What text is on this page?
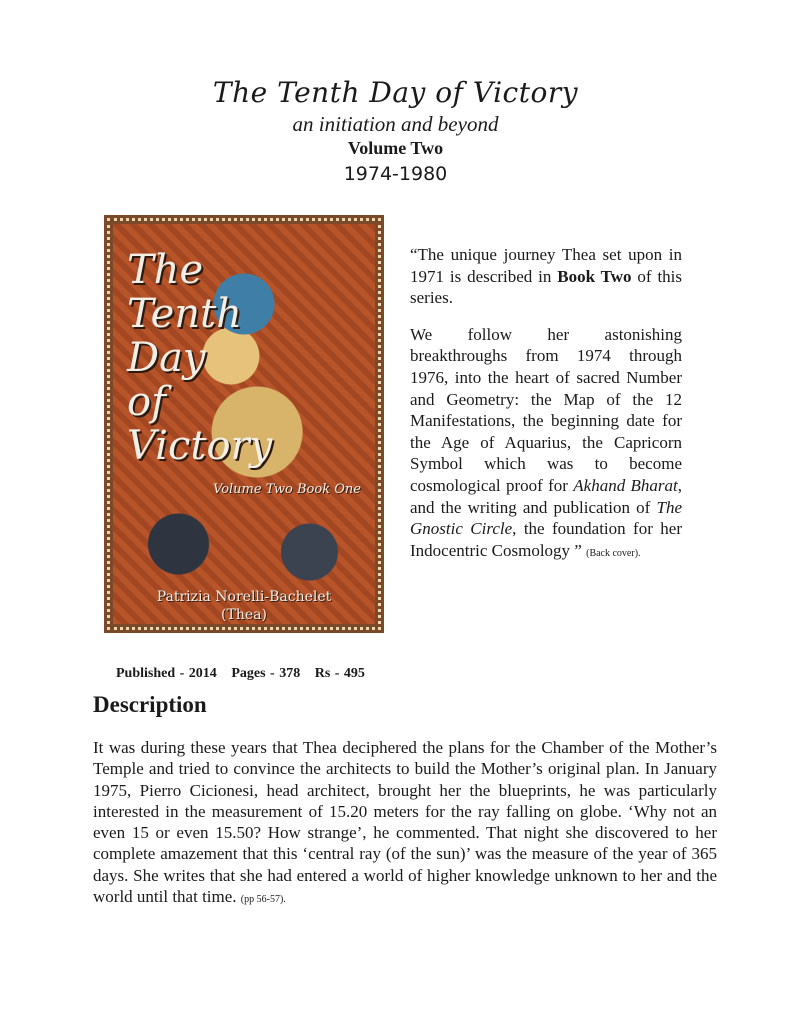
The Tenth Day of Victory
an initiation and beyond
Volume Two
1974-1980
The
Tenth
Day
of
Victory
Volume Two Book One
Patrizia Norelli-Bachelet
(Thea)

“The unique journey Thea set upon in 1971 is described in Book Two of this series.

We follow her astonishing breakthroughs from 1974 through 1976, into the heart of sacred Number and Geometry: the Map of the 12 Manifestations, the beginning date for the Age of Aquarius, the Capricorn Symbol which was to become cosmological proof for Akhand Bharat, and the writing and publication of The Gnostic Circle, the foundation for her Indocentric Cosmology ” (Back cover).

Published - 2014 Pages - 378 Rs - 495
Description

It was during these years that Thea deciphered the plans for the Chamber of the Mother’s Temple and tried to convince the architects to build the Mother’s original plan. In January 1975, Pierro Cicionesi, head architect, brought her the blueprints, he was particularly interested in the measurement of 15.20 meters for the ray falling on globe. ‘Why not an even 15 or even 15.50? How strange’, he commented. That night she discovered to her complete amazement that this ‘central ray (of the sun)’ was the measure of the year of 365 days. She writes that she had entered a world of higher knowledge unknown to her and the world until that time. (pp 56-57).
